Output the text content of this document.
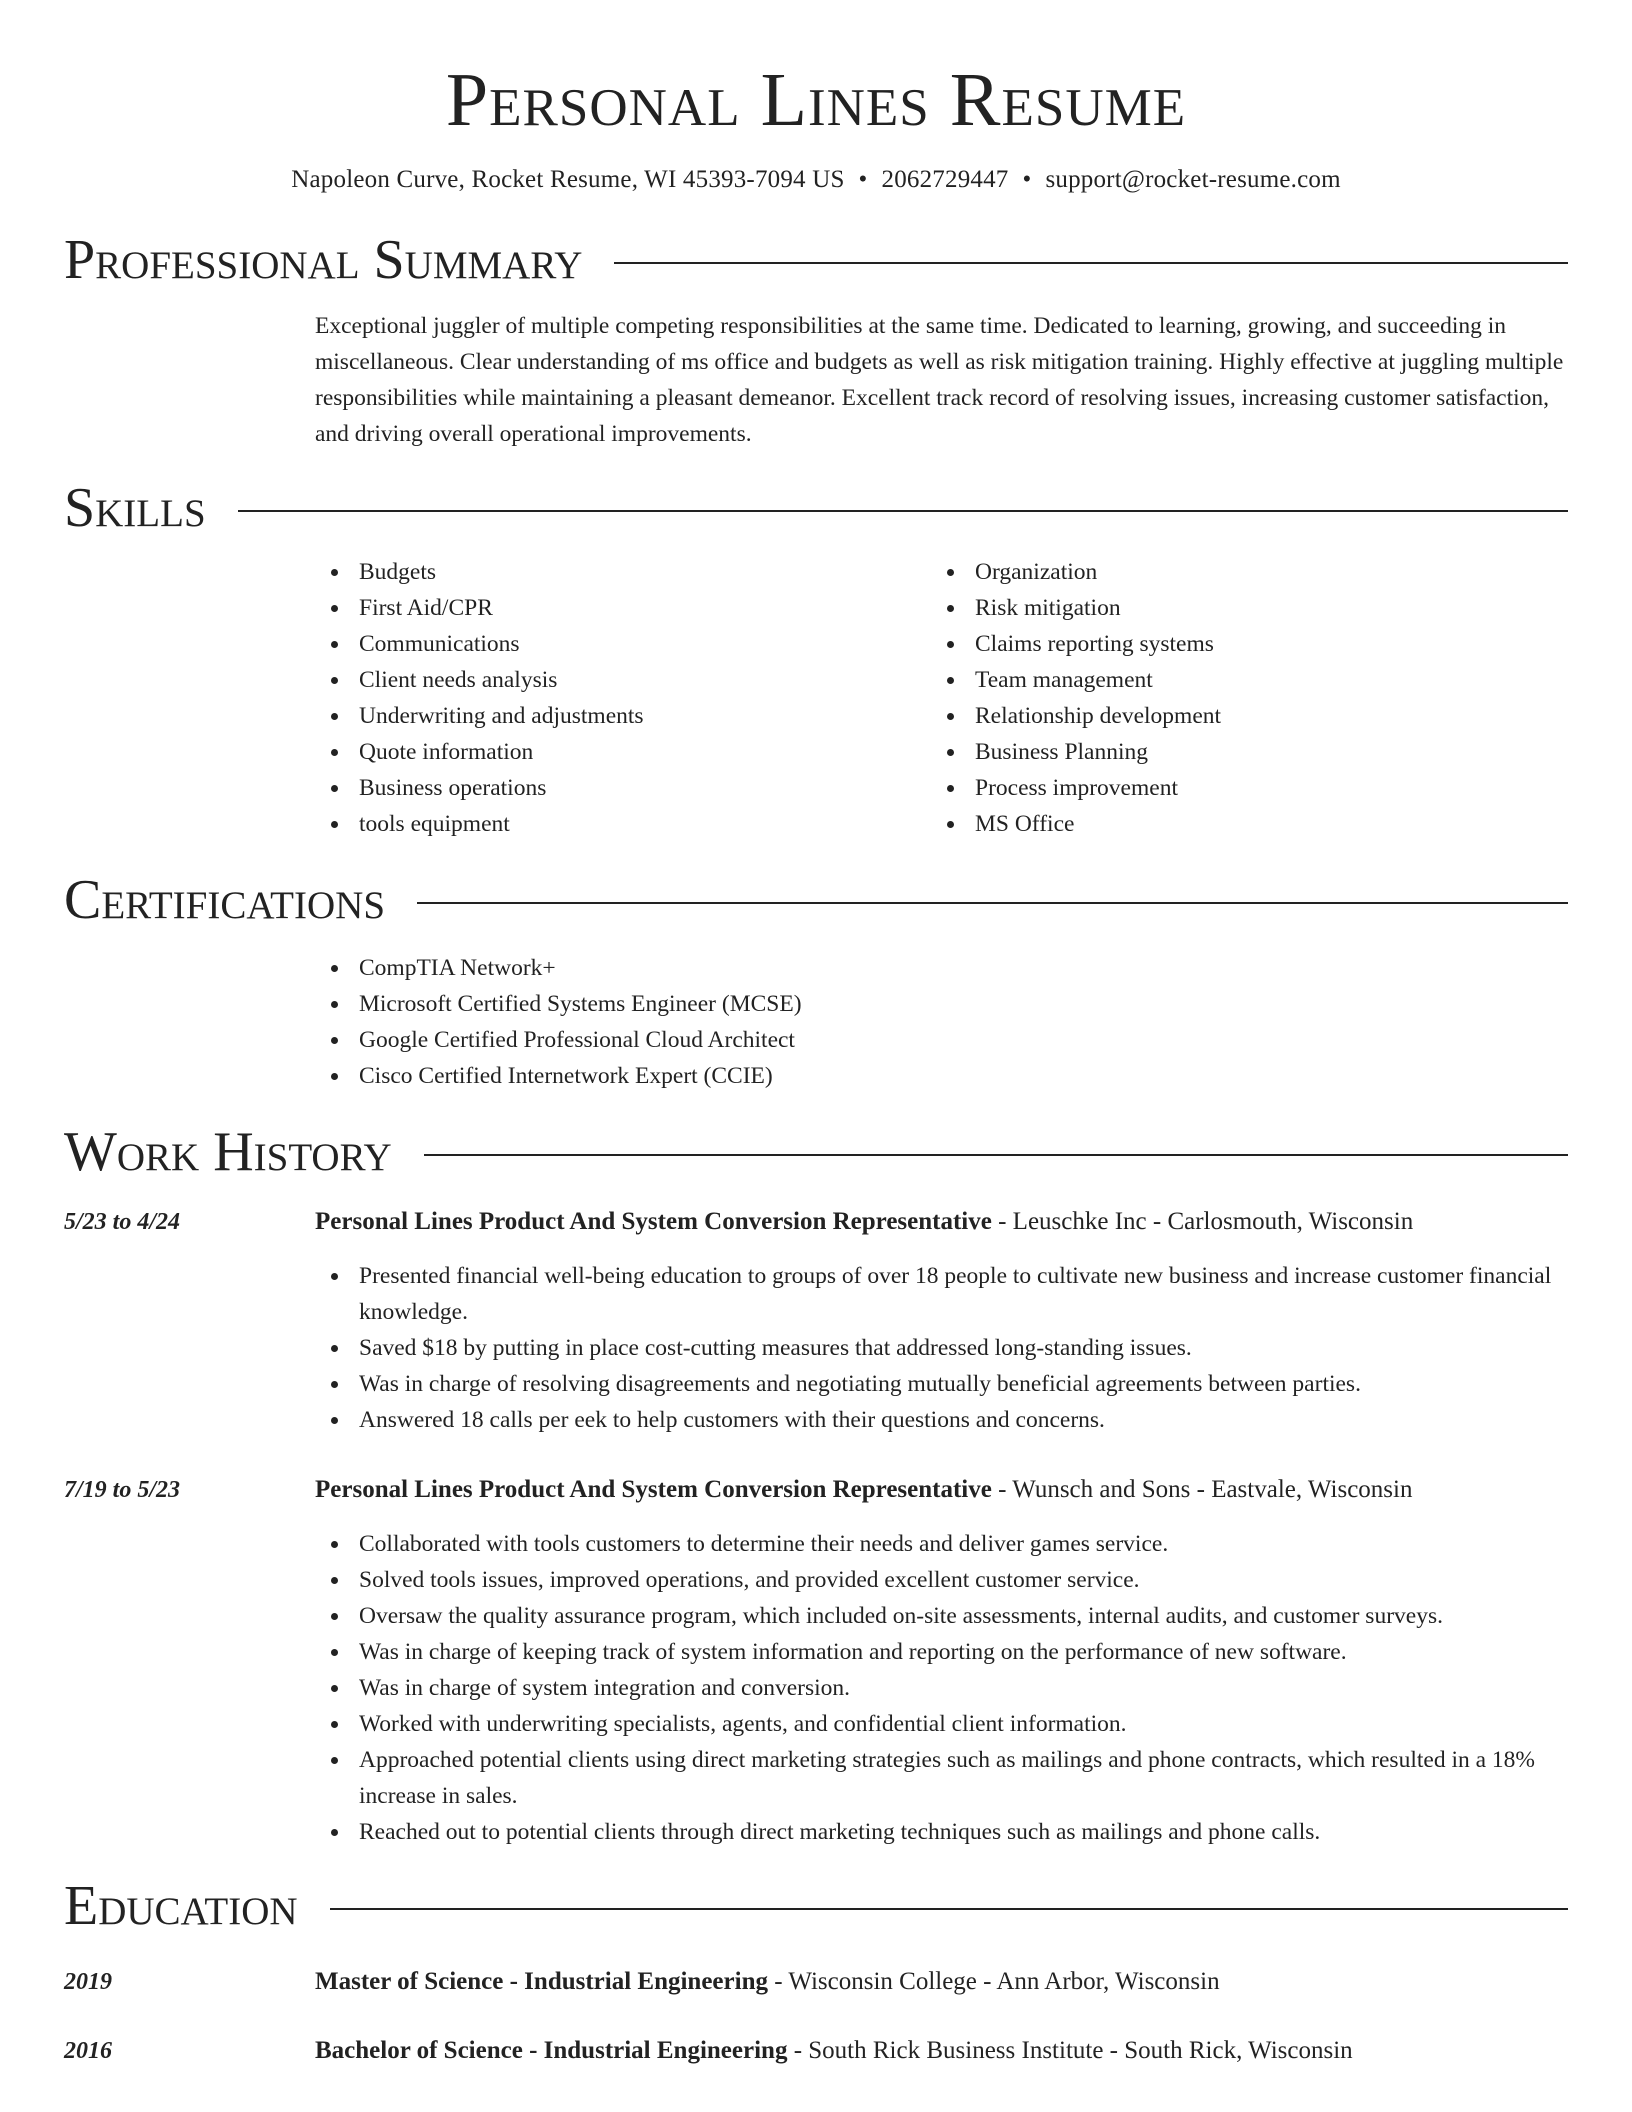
Personal Lines Resume
Napoleon Curve, Rocket Resume, WI 45393-7094 US • 2062729447 • support@rocket-resume.com
Professional Summary

Exceptional juggler of multiple competing responsibilities at the same time. Dedicated to learning, growing, and succeeding in miscellaneous. Clear understanding of ms office and budgets as well as risk mitigation training. Highly effective at juggling multiple responsibilities while maintaining a pleasant demeanor. Excellent track record of resolving issues, increasing customer satisfaction, and driving overall operational improvements.

Skills
Budgets
First Aid/CPR
Communications
Client needs analysis
Underwriting and adjustments
Quote information
Business operations
tools equipment
Organization
Risk mitigation
Claims reporting systems
Team management
Relationship development
Business Planning
Process improvement
MS Office
Certifications
CompTIA Network+
Microsoft Certified Systems Engineer (MCSE)
Google Certified Professional Cloud Architect
Cisco Certified Internetwork Expert (CCIE)
Work History
5/23 to 4/24	Personal Lines Product And System Conversion Representative - Leuschke Inc - Carlosmouth, Wisconsin
Presented financial well-being education to groups of over 18 people to cultivate new business and increase customer financial knowledge.
Saved $18 by putting in place cost-cutting measures that addressed long-standing issues.
Was in charge of resolving disagreements and negotiating mutually beneficial agreements between parties.
Answered 18 calls per eek to help customers with their questions and concerns.
7/19 to 5/23	Personal Lines Product And System Conversion Representative - Wunsch and Sons - Eastvale, Wisconsin
Collaborated with tools customers to determine their needs and deliver games service.
Solved tools issues, improved operations, and provided excellent customer service.
Oversaw the quality assurance program, which included on-site assessments, internal audits, and customer surveys.
Was in charge of keeping track of system information and reporting on the performance of new software.
Was in charge of system integration and conversion.
Worked with underwriting specialists, agents, and confidential client information.
Approached potential clients using direct marketing strategies such as mailings and phone contracts, which resulted in a 18% increase in sales.
Reached out to potential clients through direct marketing techniques such as mailings and phone calls.
Education
2019	Master of Science - Industrial Engineering - Wisconsin College - Ann Arbor, Wisconsin
2016	Bachelor of Science - Industrial Engineering - South Rick Business Institute - South Rick, Wisconsin
